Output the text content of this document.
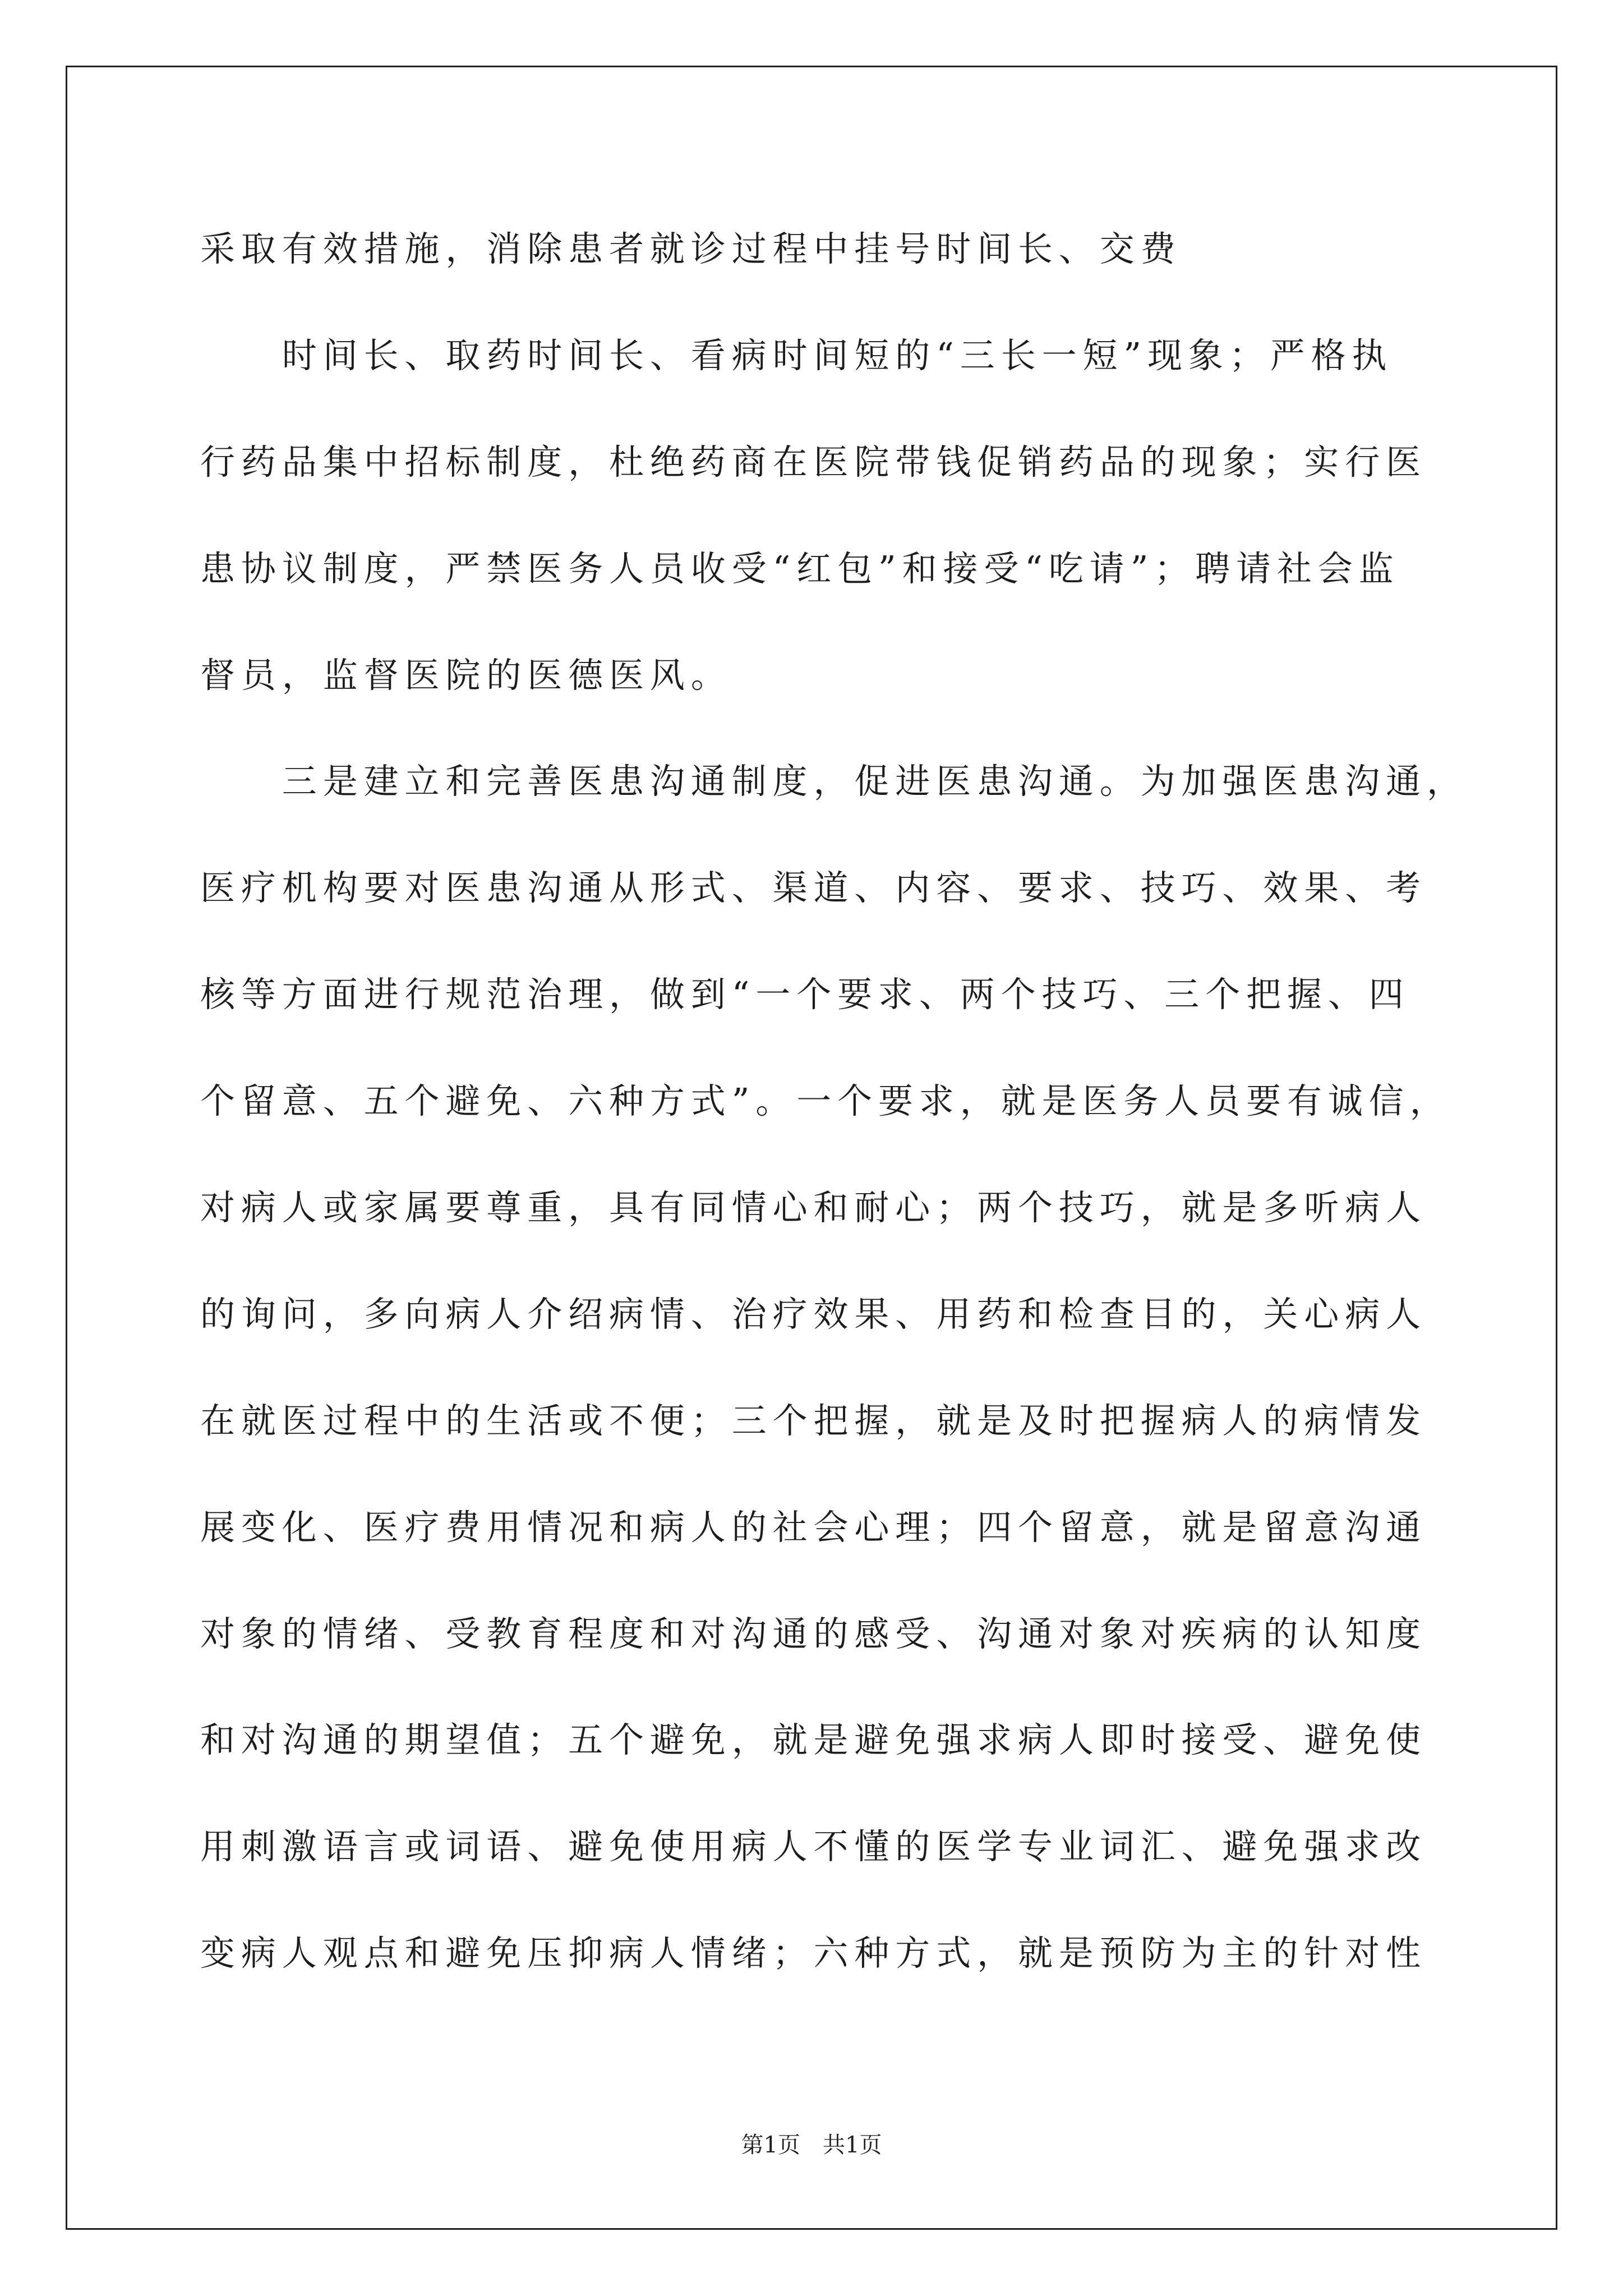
采取有效措施，消除患者就诊过程中挂号时间长、交费
时间长、取药时间长、看病时间短的“三长一短”现象；严格执
行药品集中招标制度，杜绝药商在医院带钱促销药品的现象；实行医
患协议制度，严禁医务人员收受“红包”和接受“吃请”；聘请社会监
督员，监督医院的医德医风。
三是建立和完善医患沟通制度，促进医患沟通。为加强医患沟通，
医疗机构要对医患沟通从形式、渠道、内容、要求、技巧、效果、考
核等方面进行规范治理，做到“一个要求、两个技巧、三个把握、四
个留意、五个避免、六种方式”。一个要求，就是医务人员要有诚信，
对病人或家属要尊重，具有同情心和耐心；两个技巧，就是多听病人
的询问，多向病人介绍病情、治疗效果、用药和检查目的，关心病人
在就医过程中的生活或不便；三个把握，就是及时把握病人的病情发
展变化、医疗费用情况和病人的社会心理；四个留意，就是留意沟通
对象的情绪、受教育程度和对沟通的感受、沟通对象对疾病的认知度
和对沟通的期望值；五个避免，就是避免强求病人即时接受、避免使
用刺激语言或词语、避免使用病人不懂的医学专业词汇、避免强求改
变病人观点和避免压抑病人情绪；六种方式，就是预防为主的针对性
第1页　共1页
